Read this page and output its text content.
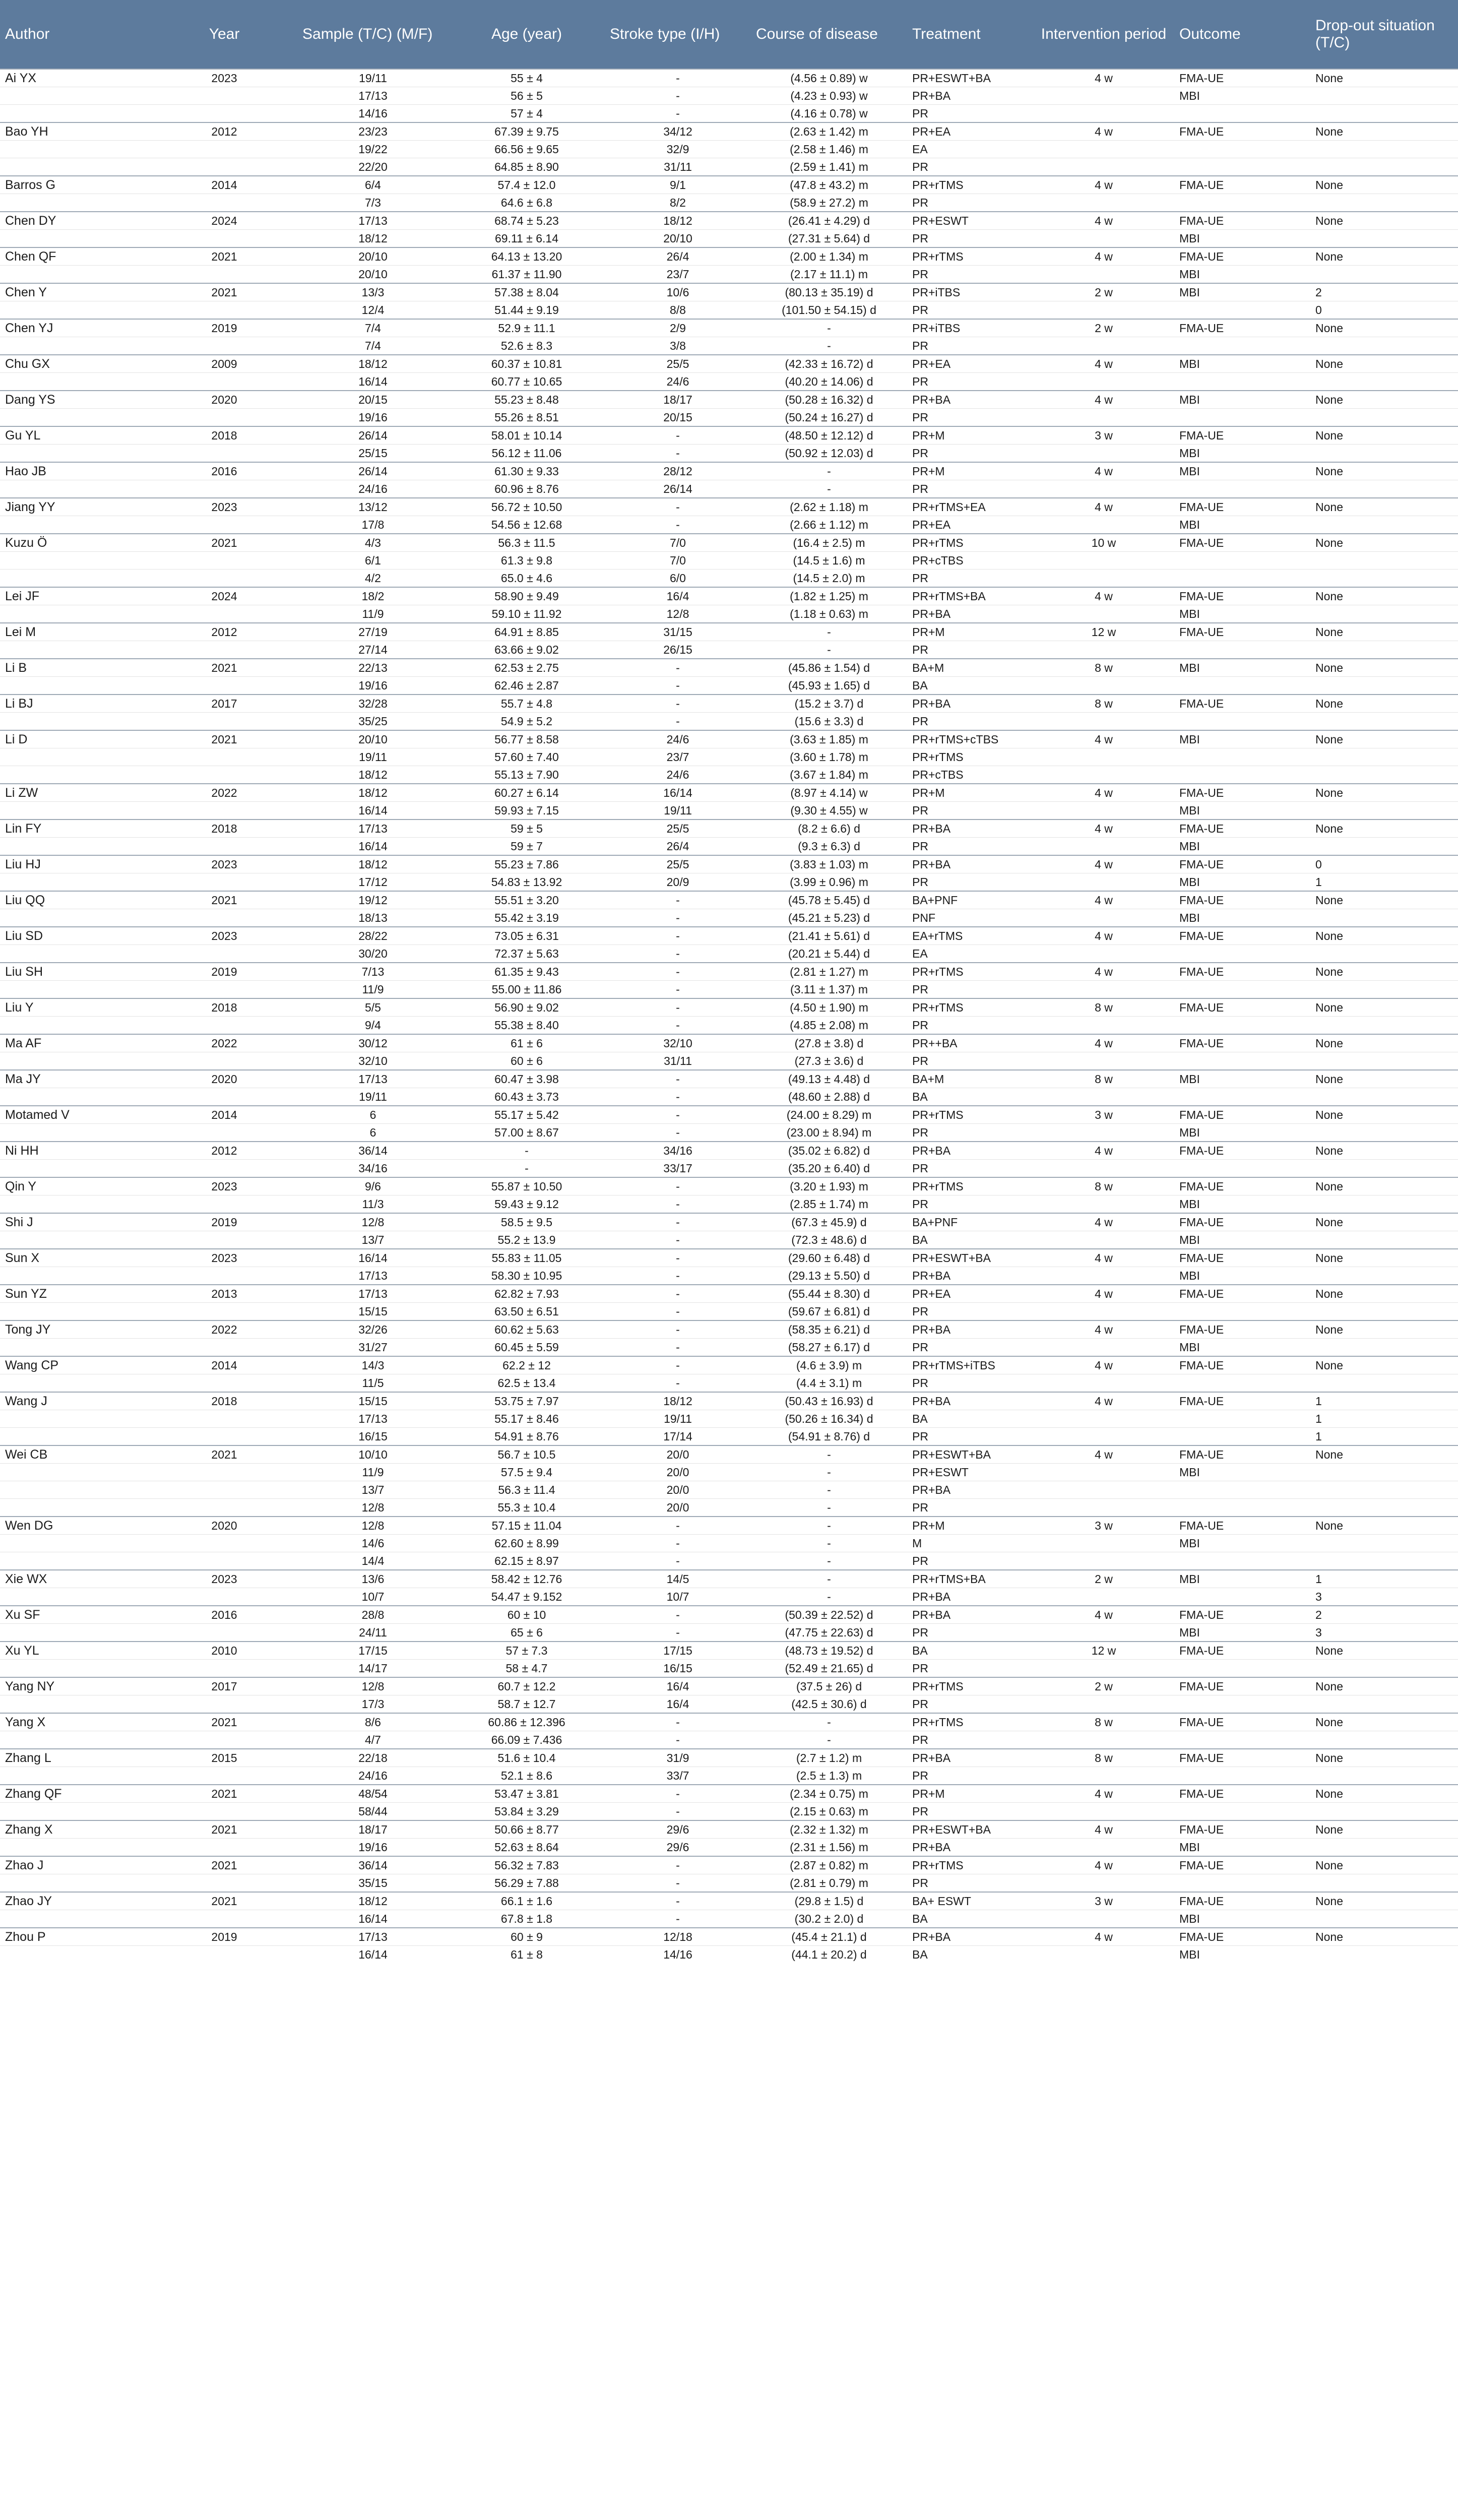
Author	Year	Sample (T/C) (M/F)	Age (year)	Stroke type (I/H)	Course of disease	Treatment	Intervention period	Outcome	Drop-out situation (T/C)
Ai YX	2023	19/11	55 ± 4	-	(4.56 ± 0.89) w	PR+ESWT+BA	4 w	FMA-UE	None
		17/13	56 ± 5	-	(4.23 ± 0.93) w	PR+BA		MBI	
		14/16	57 ± 4	-	(4.16 ± 0.78) w	PR			
Bao YH	2012	23/23	67.39 ± 9.75	34/12	(2.63 ± 1.42) m	PR+EA	4 w	FMA-UE	None
		19/22	66.56 ± 9.65	32/9	(2.58 ± 1.46) m	EA			
		22/20	64.85 ± 8.90	31/11	(2.59 ± 1.41) m	PR			
Barros G	2014	6/4	57.4 ± 12.0	9/1	(47.8 ± 43.2) m	PR+rTMS	4 w	FMA-UE	None
		7/3	64.6 ± 6.8	8/2	(58.9 ± 27.2) m	PR			
Chen DY	2024	17/13	68.74 ± 5.23	18/12	(26.41 ± 4.29) d	PR+ESWT	4 w	FMA-UE	None
		18/12	69.11 ± 6.14	20/10	(27.31 ± 5.64) d	PR		MBI	
Chen QF	2021	20/10	64.13 ± 13.20	26/4	(2.00 ± 1.34) m	PR+rTMS	4 w	FMA-UE	None
		20/10	61.37 ± 11.90	23/7	(2.17 ± 11.1) m	PR		MBI	
Chen Y	2021	13/3	57.38 ± 8.04	10/6	(80.13 ± 35.19) d	PR+iTBS	2 w	MBI	2
		12/4	51.44 ± 9.19	8/8	(101.50 ± 54.15) d	PR			0
Chen YJ	2019	7/4	52.9 ± 11.1	2/9	-	PR+iTBS	2 w	FMA-UE	None
		7/4	52.6 ± 8.3	3/8	-	PR			
Chu GX	2009	18/12	60.37 ± 10.81	25/5	(42.33 ± 16.72) d	PR+EA	4 w	MBI	None
		16/14	60.77 ± 10.65	24/6	(40.20 ± 14.06) d	PR			
Dang YS	2020	20/15	55.23 ± 8.48	18/17	(50.28 ± 16.32) d	PR+BA	4 w	MBI	None
		19/16	55.26 ± 8.51	20/15	(50.24 ± 16.27) d	PR			
Gu YL	2018	26/14	58.01 ± 10.14	-	(48.50 ± 12.12) d	PR+M	3 w	FMA-UE	None
		25/15	56.12 ± 11.06	-	(50.92 ± 12.03) d	PR		MBI	
Hao JB	2016	26/14	61.30 ± 9.33	28/12	-	PR+M	4 w	MBI	None
		24/16	60.96 ± 8.76	26/14	-	PR			
Jiang YY	2023	13/12	56.72 ± 10.50	-	(2.62 ± 1.18) m	PR+rTMS+EA	4 w	FMA-UE	None
		17/8	54.56 ± 12.68	-	(2.66 ± 1.12) m	PR+EA		MBI	
Kuzu Ö	2021	4/3	56.3 ± 11.5	7/0	(16.4 ± 2.5) m	PR+rTMS	10 w	FMA-UE	None
		6/1	61.3 ± 9.8	7/0	(14.5 ± 1.6) m	PR+cTBS			
		4/2	65.0 ± 4.6	6/0	(14.5 ± 2.0) m	PR			
Lei JF	2024	18/2	58.90 ± 9.49	16/4	(1.82 ± 1.25) m	PR+rTMS+BA	4 w	FMA-UE	None
		11/9	59.10 ± 11.92	12/8	(1.18 ± 0.63) m	PR+BA		MBI	
Lei M	2012	27/19	64.91 ± 8.85	31/15	-	PR+M	12 w	FMA-UE	None
		27/14	63.66 ± 9.02	26/15	-	PR			
Li B	2021	22/13	62.53 ± 2.75	-	(45.86 ± 1.54) d	BA+M	8 w	MBI	None
		19/16	62.46 ± 2.87	-	(45.93 ± 1.65) d	BA			
Li BJ	2017	32/28	55.7 ± 4.8	-	(15.2 ± 3.7) d	PR+BA	8 w	FMA-UE	None
		35/25	54.9 ± 5.2	-	(15.6 ± 3.3) d	PR			
Li D	2021	20/10	56.77 ± 8.58	24/6	(3.63 ± 1.85) m	PR+rTMS+cTBS	4 w	MBI	None
		19/11	57.60 ± 7.40	23/7	(3.60 ± 1.78) m	PR+rTMS			
		18/12	55.13 ± 7.90	24/6	(3.67 ± 1.84) m	PR+cTBS			
Li ZW	2022	18/12	60.27 ± 6.14	16/14	(8.97 ± 4.14) w	PR+M	4 w	FMA-UE	None
		16/14	59.93 ± 7.15	19/11	(9.30 ± 4.55) w	PR		MBI	
Lin FY	2018	17/13	59 ± 5	25/5	(8.2 ± 6.6) d	PR+BA	4 w	FMA-UE	None
		16/14	59 ± 7	26/4	(9.3 ± 6.3) d	PR		MBI	
Liu HJ	2023	18/12	55.23 ± 7.86	25/5	(3.83 ± 1.03) m	PR+BA	4 w	FMA-UE	0
		17/12	54.83 ± 13.92	20/9	(3.99 ± 0.96) m	PR		MBI	1
Liu QQ	2021	19/12	55.51 ± 3.20	-	(45.78 ± 5.45) d	BA+PNF	4 w	FMA-UE	None
		18/13	55.42 ± 3.19	-	(45.21 ± 5.23) d	PNF		MBI	
Liu SD	2023	28/22	73.05 ± 6.31	-	(21.41 ± 5.61) d	EA+rTMS	4 w	FMA-UE	None
		30/20	72.37 ± 5.63	-	(20.21 ± 5.44) d	EA			
Liu SH	2019	7/13	61.35 ± 9.43	-	(2.81 ± 1.27) m	PR+rTMS	4 w	FMA-UE	None
		11/9	55.00 ± 11.86	-	(3.11 ± 1.37) m	PR			
Liu Y	2018	5/5	56.90 ± 9.02	-	(4.50 ± 1.90) m	PR+rTMS	8 w	FMA-UE	None
		9/4	55.38 ± 8.40	-	(4.85 ± 2.08) m	PR			
Ma AF	2022	30/12	61 ± 6	32/10	(27.8 ± 3.8) d	PR++BA	4 w	FMA-UE	None
		32/10	60 ± 6	31/11	(27.3 ± 3.6) d	PR			
Ma JY	2020	17/13	60.47 ± 3.98	-	(49.13 ± 4.48) d	BA+M	8 w	MBI	None
		19/11	60.43 ± 3.73	-	(48.60 ± 2.88) d	BA			
Motamed V	2014	6	55.17 ± 5.42	-	(24.00 ± 8.29) m	PR+rTMS	3 w	FMA-UE	None
		6	57.00 ± 8.67	-	(23.00 ± 8.94) m	PR		MBI	
Ni HH	2012	36/14	-	34/16	(35.02 ± 6.82) d	PR+BA	4 w	FMA-UE	None
		34/16	-	33/17	(35.20 ± 6.40) d	PR			
Qin Y	2023	9/6	55.87 ± 10.50	-	(3.20 ± 1.93) m	PR+rTMS	8 w	FMA-UE	None
		11/3	59.43 ± 9.12	-	(2.85 ± 1.74) m	PR		MBI	
Shi J	2019	12/8	58.5 ± 9.5	-	(67.3 ± 45.9) d	BA+PNF	4 w	FMA-UE	None
		13/7	55.2 ± 13.9	-	(72.3 ± 48.6) d	BA		MBI	
Sun X	2023	16/14	55.83 ± 11.05	-	(29.60 ± 6.48) d	PR+ESWT+BA	4 w	FMA-UE	None
		17/13	58.30 ± 10.95	-	(29.13 ± 5.50) d	PR+BA		MBI	
Sun YZ	2013	17/13	62.82 ± 7.93	-	(55.44 ± 8.30) d	PR+EA	4 w	FMA-UE	None
		15/15	63.50 ± 6.51	-	(59.67 ± 6.81) d	PR			
Tong JY	2022	32/26	60.62 ± 5.63	-	(58.35 ± 6.21) d	PR+BA	4 w	FMA-UE	None
		31/27	60.45 ± 5.59	-	(58.27 ± 6.17) d	PR		MBI	
Wang CP	2014	14/3	62.2 ± 12	-	(4.6 ± 3.9) m	PR+rTMS+iTBS	4 w	FMA-UE	None
		11/5	62.5 ± 13.4	-	(4.4 ± 3.1) m	PR			
Wang J	2018	15/15	53.75 ± 7.97	18/12	(50.43 ± 16.93) d	PR+BA	4 w	FMA-UE	1
		17/13	55.17 ± 8.46	19/11	(50.26 ± 16.34) d	BA			1
		16/15	54.91 ± 8.76	17/14	(54.91 ± 8.76) d	PR			1
Wei CB	2021	10/10	56.7 ± 10.5	20/0	-	PR+ESWT+BA	4 w	FMA-UE	None
		11/9	57.5 ± 9.4	20/0	-	PR+ESWT		MBI	
		13/7	56.3 ± 11.4	20/0	-	PR+BA			
		12/8	55.3 ± 10.4	20/0	-	PR			
Wen DG	2020	12/8	57.15 ± 11.04	-	-	PR+M	3 w	FMA-UE	None
		14/6	62.60 ± 8.99	-	-	M		MBI	
		14/4	62.15 ± 8.97	-	-	PR			
Xie WX	2023	13/6	58.42 ± 12.76	14/5	-	PR+rTMS+BA	2 w	MBI	1
		10/7	54.47 ± 9.152	10/7	-	PR+BA			3
Xu SF	2016	28/8	60 ± 10	-	(50.39 ± 22.52) d	PR+BA	4 w	FMA-UE	2
		24/11	65 ± 6	-	(47.75 ± 22.63) d	PR		MBI	3
Xu YL	2010	17/15	57 ± 7.3	17/15	(48.73 ± 19.52) d	BA	12 w	FMA-UE	None
		14/17	58 ± 4.7	16/15	(52.49 ± 21.65) d	PR			
Yang NY	2017	12/8	60.7 ± 12.2	16/4	(37.5 ± 26) d	PR+rTMS	2 w	FMA-UE	None
		17/3	58.7 ± 12.7	16/4	(42.5 ± 30.6) d	PR			
Yang X	2021	8/6	60.86 ± 12.396	-	-	PR+rTMS	8 w	FMA-UE	None
		4/7	66.09 ± 7.436	-	-	PR			
Zhang L	2015	22/18	51.6 ± 10.4	31/9	(2.7 ± 1.2) m	PR+BA	8 w	FMA-UE	None
		24/16	52.1 ± 8.6	33/7	(2.5 ± 1.3) m	PR			
Zhang QF	2021	48/54	53.47 ± 3.81	-	(2.34 ± 0.75) m	PR+M	4 w	FMA-UE	None
		58/44	53.84 ± 3.29	-	(2.15 ± 0.63) m	PR			
Zhang X	2021	18/17	50.66 ± 8.77	29/6	(2.32 ± 1.32) m	PR+ESWT+BA	4 w	FMA-UE	None
		19/16	52.63 ± 8.64	29/6	(2.31 ± 1.56) m	PR+BA		MBI	
Zhao J	2021	36/14	56.32 ± 7.83	-	(2.87 ± 0.82) m	PR+rTMS	4 w	FMA-UE	None
		35/15	56.29 ± 7.88	-	(2.81 ± 0.79) m	PR			
Zhao JY	2021	18/12	66.1 ± 1.6	-	(29.8 ± 1.5) d	BA+ ESWT	3 w	FMA-UE	None
		16/14	67.8 ± 1.8	-	(30.2 ± 2.0) d	BA		MBI	
Zhou P	2019	17/13	60 ± 9	12/18	(45.4 ± 21.1) d	PR+BA	4 w	FMA-UE	None
		16/14	61 ± 8	14/16	(44.1 ± 20.2) d	BA		MBI	
